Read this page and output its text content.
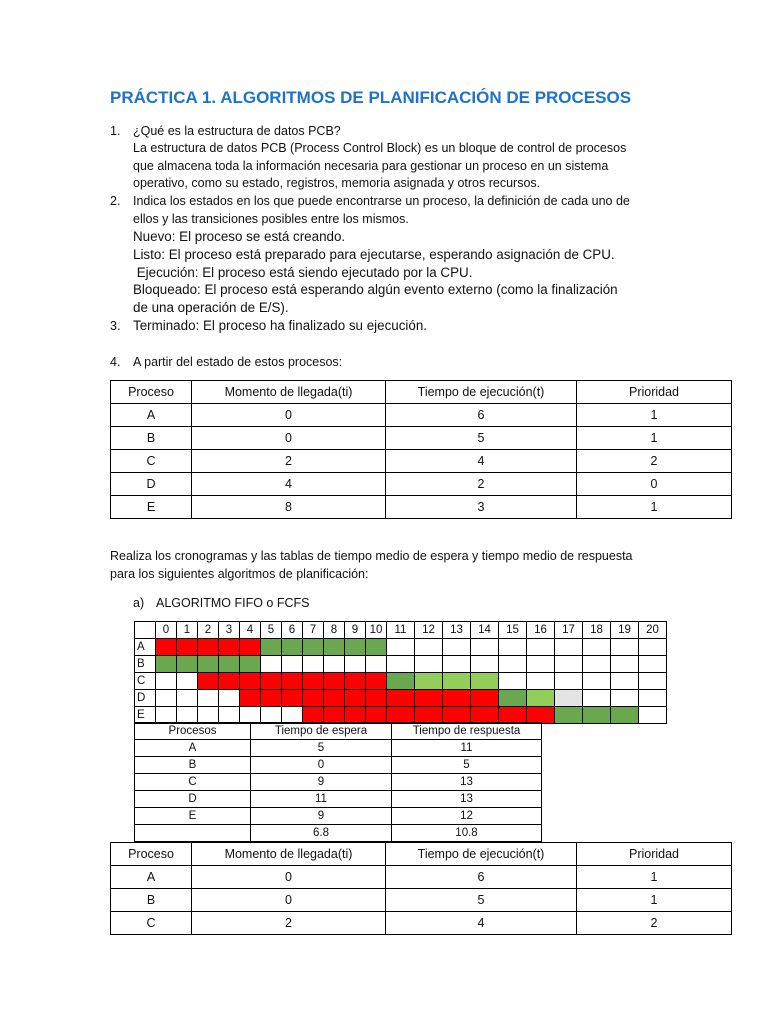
PRÁCTICA 1. ALGORITMOS DE PLANIFICACIÓN DE PROCESOS
1. ¿Qué es la estructura de datos PCB?
La estructura de datos PCB (Process Control Block) es un bloque de control de procesos
que almacena toda la información necesaria para gestionar un proceso en un sistema
operativo, como su estado, registros, memoria asignada y otros recursos.
2. Indica los estados en los que puede encontrarse un proceso, la definición de cada uno de
ellos y las transiciones posibles entre los mismos.
Nuevo: El proceso se está creando.
Listo: El proceso está preparado para ejecutarse, esperando asignación de CPU.
Ejecución: El proceso está siendo ejecutado por la CPU.
Bloqueado: El proceso está esperando algún evento externo (como la finalización
de una operación de E/S).
3. Terminado: El proceso ha finalizado su ejecución.
4. A partir del estado de estos procesos:
Proceso	Momento de llegada(ti)	Tiempo de ejecución(t)	Prioridad
A	0	6	1
B	0	5	1
C	2	4	2
D	4	2	0
E	8	3	1
Realiza los cronogramas y las tablas de tiempo medio de espera y tiempo medio de respuesta
para los siguientes algoritmos de planificación:
a) ALGORITMO FIFO o FCFS
	0	1	2	3	4	5	6	7	8	9	10	11	12	13	14	15	16	17	18	19	20
A																					
B																					
C																					
D																					
E																					
Procesos	Tiempo de espera	Tiempo de respuesta
A	5	11
B	0	5
C	9	13
D	11	13
E	9	12
	6.8	10.8
Proceso	Momento de llegada(ti)	Tiempo de ejecución(t)	Prioridad
A	0	6	1
B	0	5	1
C	2	4	2
